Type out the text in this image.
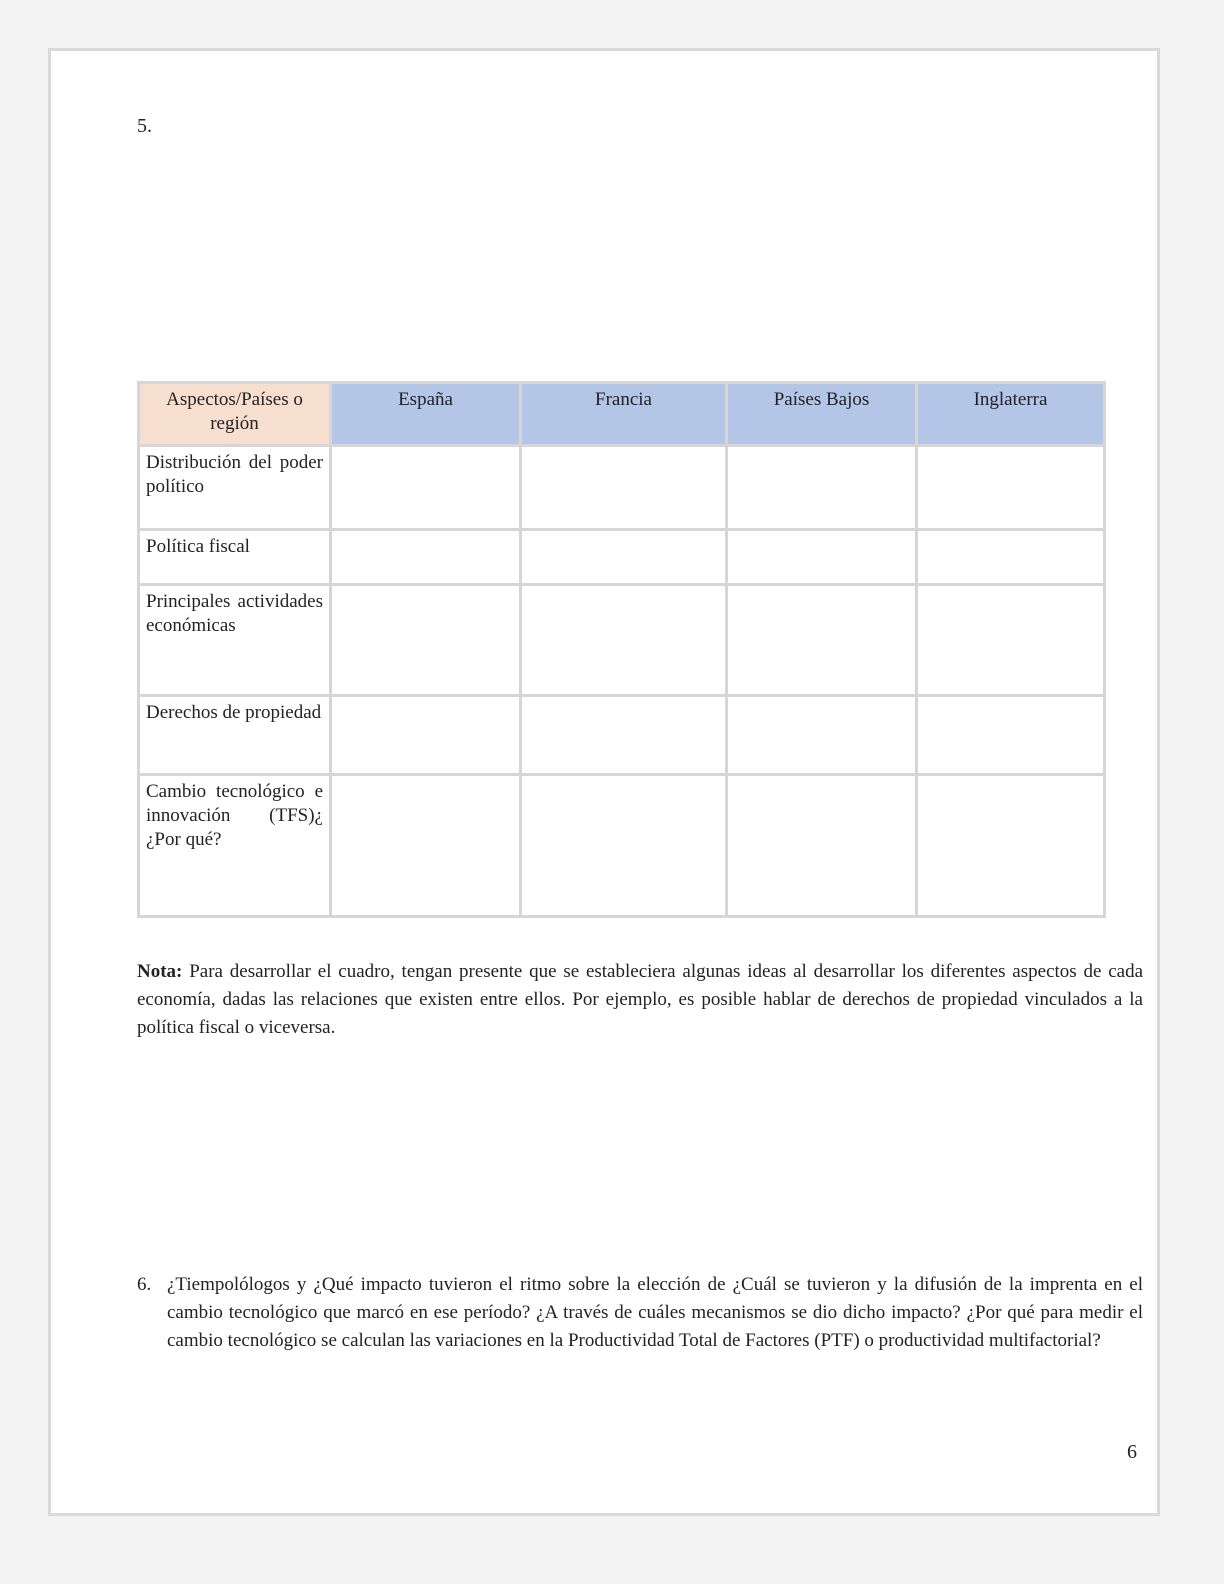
5.
Aspectos/Países o región	España	Francia	Países Bajos	Inglaterra
Distribución del poder político				
Política fiscal				
Principales actividades económicas				
Derechos de propiedad				
Cambio tecnológico e innovación (TFS)¿ ¿Por qué?				

Nota: Para desarrollar el cuadro, tengan presente que se estableciera algunas ideas al desarrollar los diferentes aspectos de cada economía, dadas las relaciones que existen entre ellos. Por ejemplo, es posible hablar de derechos de propiedad vinculados a la política fiscal o viceversa.

6. ¿Tiempolólogos y ¿Qué impacto tuvieron el ritmo sobre la elección de ¿Cuál se tuvieron y la difusión de la imprenta en el cambio tecnológico que marcó en ese período? ¿A través de cuáles mecanismos se dio dicho impacto? ¿Por qué para medir el cambio tecnológico se calculan las variaciones en la Productividad Total de Factores (PTF) o productividad multifactorial?
6
